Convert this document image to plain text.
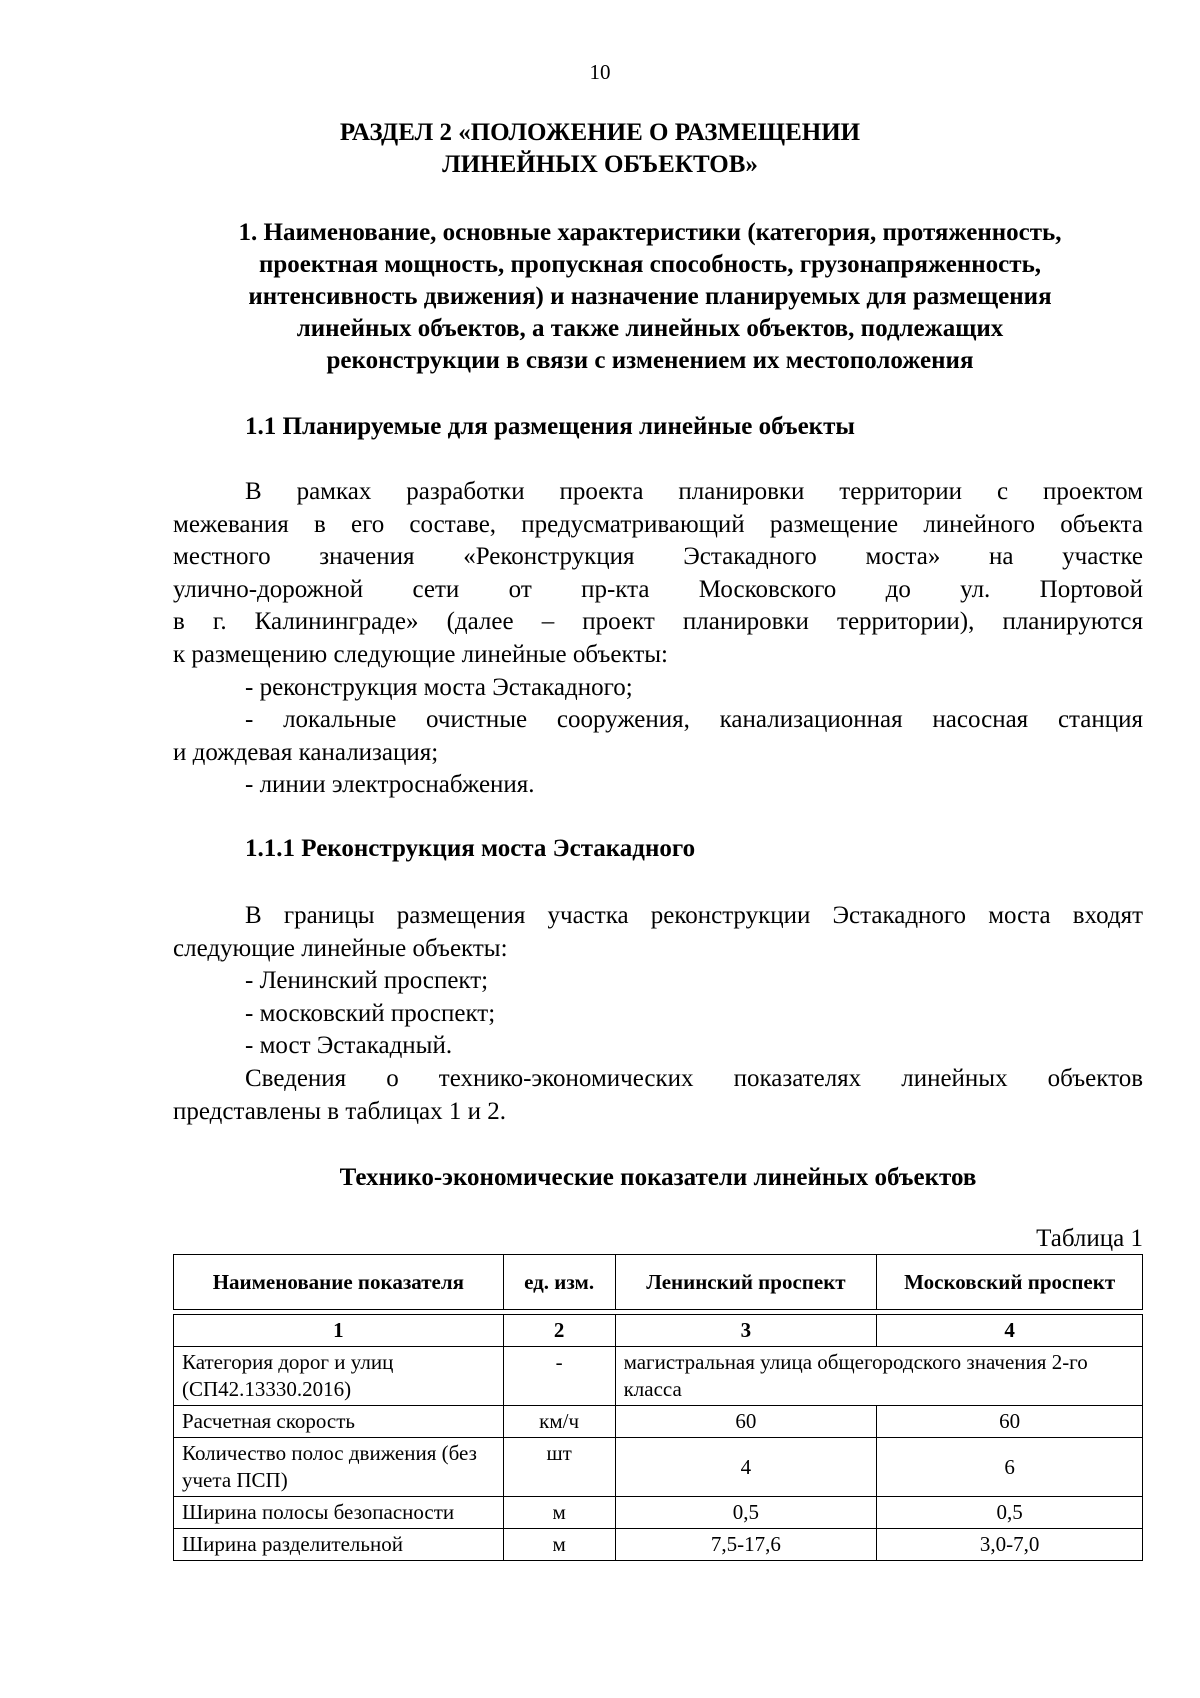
10
РАЗДЕЛ 2 «ПОЛОЖЕНИЕ О РАЗМЕЩЕНИИ
ЛИНЕЙНЫХ ОБЪЕКТОВ»
1. Наименование, основные характеристики (категория, протяженность,
проектная мощность, пропускная способность, грузонапряженность,
интенсивность движения) и назначение планируемых для размещения
линейных объектов, а также линейных объектов, подлежащих
реконструкции в связи с изменением их местоположения
1.1 Планируемые для размещения линейные объекты
В рамках разработки проекта планировки территории с проектом
межевания в его составе, предусматривающий размещение линейного объекта
местного значения «Реконструкция Эстакадного моста» на участке
улично-дорожной сети от пр-кта Московского до ул. Портовой
в г. Калининграде» (далее – проект планировки территории), планируются
к размещению следующие линейные объекты:
- реконструкция моста Эстакадного;
- локальные очистные сооружения, канализационная насосная станция
и дождевая канализация;
- линии электроснабжения.
1.1.1 Реконструкция моста Эстакадного
В границы размещения участка реконструкции Эстакадного моста входят
следующие линейные объекты:
- Ленинский проспект;
- московский проспект;
- мост Эстакадный.
Сведения о технико-экономических показателях линейных объектов
представлены в таблицах 1 и 2.
Технико-экономические показатели линейных объектов
Таблица 1
Наименование показателя	ед. изм.	Ленинский проспект	Московский проспект

1	2	3	4
Категория дорог и улиц (СП42.13330.2016)	-	магистральная улица общегородского значения 2-го класса	
Расчетная скорость	км/ч	60	60
Количество полос движения (без учета ПСП)	шт	4	6
Ширина полосы безопасности	м	0,5	0,5
Ширина разделительной	м	7,5-17,6	3,0-7,0
